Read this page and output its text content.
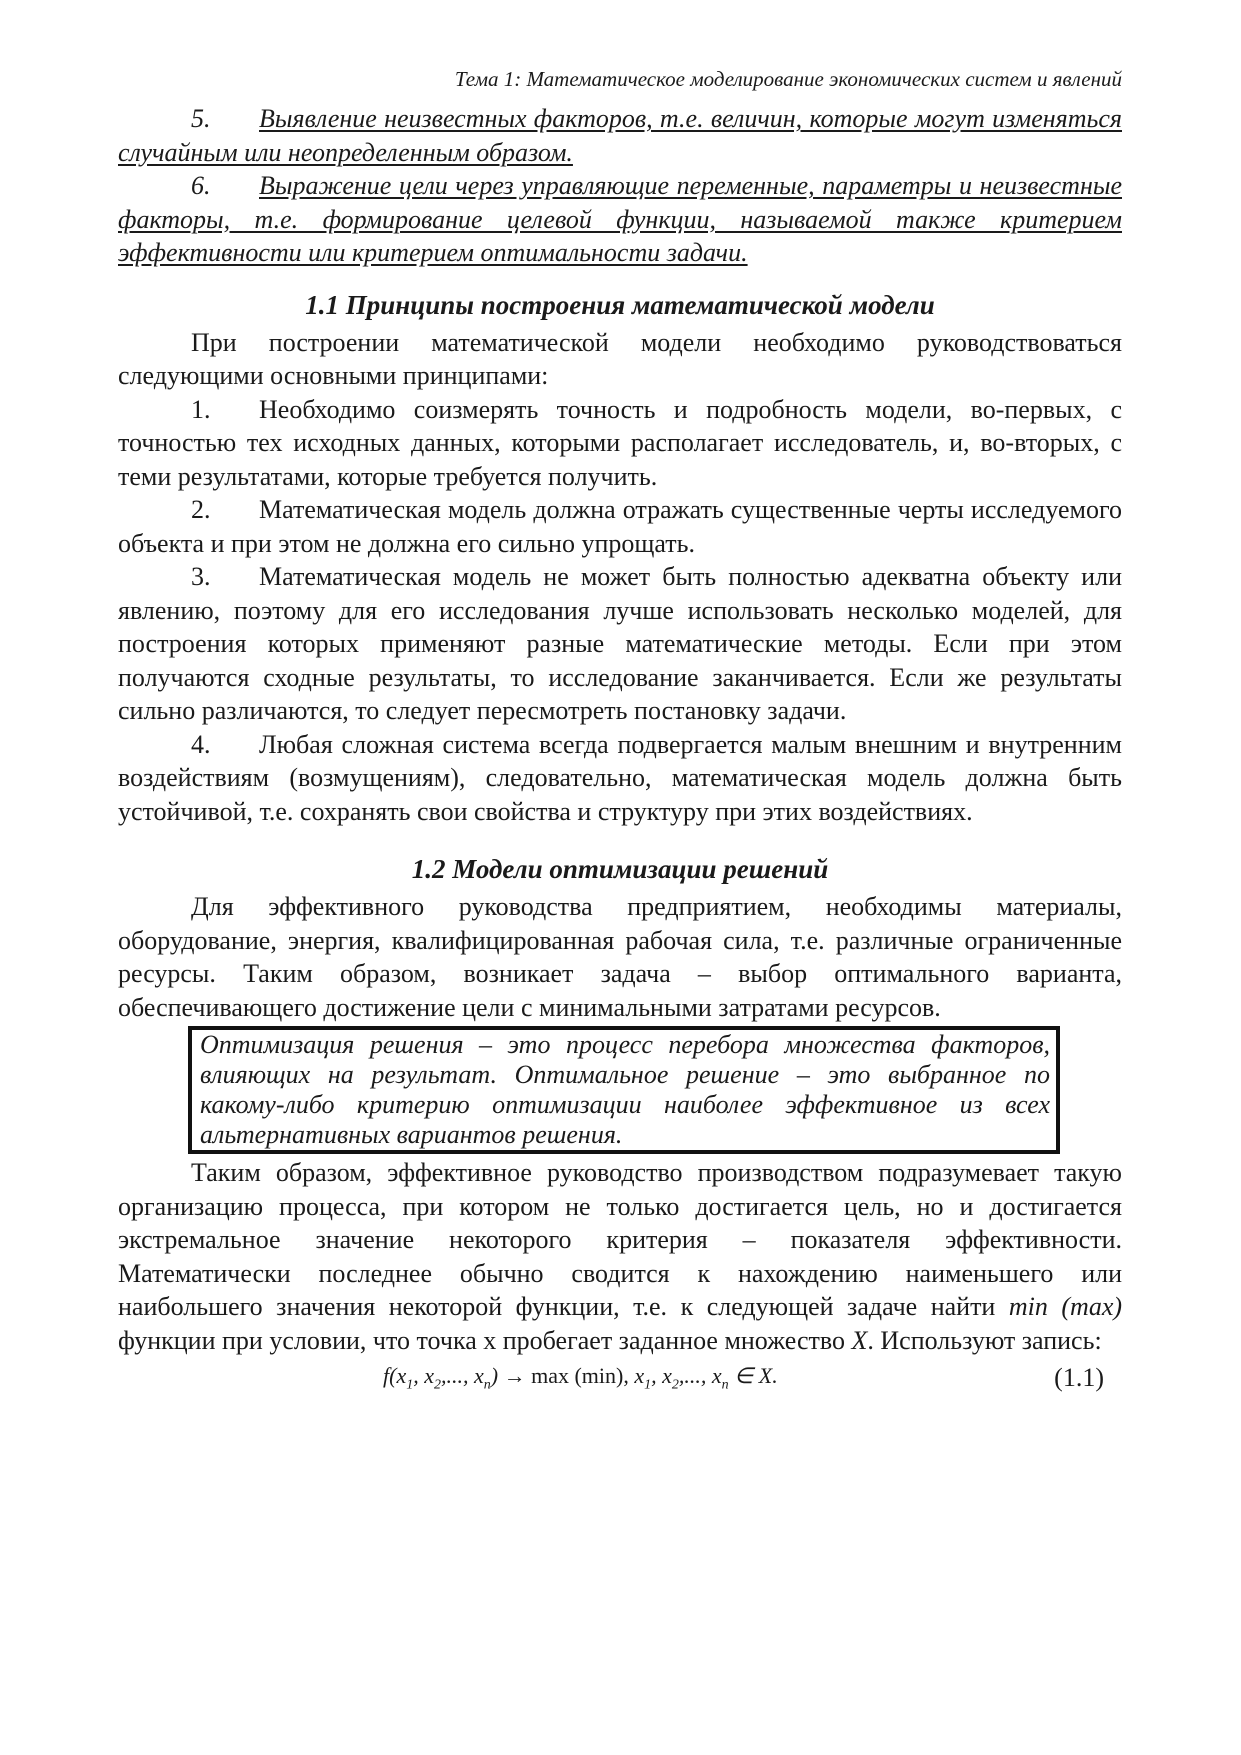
Тема 1: Математическое моделирование экономических систем и явлений

5. Выявление неизвестных факторов, т.е. величин, которые могут изменяться случайным или неопределенным образом.

6. Выражение цели через управляющие переменные, параметры и неизвестные факторы, т.е. формирование целевой функции, называемой также критерием эффективности или критерием оптимальности задачи.

1.1 Принципы построения математической модели

При построении математической модели необходимо руководствоваться следующими основными принципами:

1. Необходимо соизмерять точность и подробность модели, во-первых, с точностью тех исходных данных, которыми располагает исследователь, и, во-вторых, с теми результатами, которые требуется получить.

2. Математическая модель должна отражать существенные черты исследуемого объекта и при этом не должна его сильно упрощать.

3. Математическая модель не может быть полностью адекватна объекту или явлению, поэтому для его исследования лучше использовать несколько моделей, для построения которых применяют разные математические методы. Если при этом получаются сходные результаты, то исследование заканчивается. Если же результаты сильно различаются, то следует пересмотреть постановку задачи.

4. Любая сложная система всегда подвергается малым внешним и внутренним воздействиям (возмущениям), следовательно, математическая модель должна быть устойчивой, т.е. сохранять свои свойства и структуру при этих воздействиях.

1.2 Модели оптимизации решений

Для эффективного руководства предприятием, необходимы материалы, оборудование, энергия, квалифицированная рабочая сила, т.е. различные ограниченные ресурсы. Таким образом, возникает задача – выбор оптимального варианта, обеспечивающего достижение цели с минимальными затратами ресурсов.

Оптимизация решения – это процесс перебора множества факторов, влияющих на результат. Оптимальное решение – это выбранное по какому-либо критерию оптимизации наиболее эффективное из всех альтернативных вариантов решения.

Таким образом, эффективное руководство производством подразумевает такую организацию процесса, при котором не только достигается цель, но и достигается экстремальное значение некоторого критерия – показателя эффективности. Математически последнее обычно сводится к нахождению наименьшего или наибольшего значения некоторой функции, т.е. к следующей задаче найти min (max) функции при условии, что точка x пробегает заданное множество X. Используют запись:

$f(x_1$, $x_2$,..., $x_n) \to \max (\min)$, $x_1$, $x_2$,..., $x_n$ ∈ X.	(1.1)
